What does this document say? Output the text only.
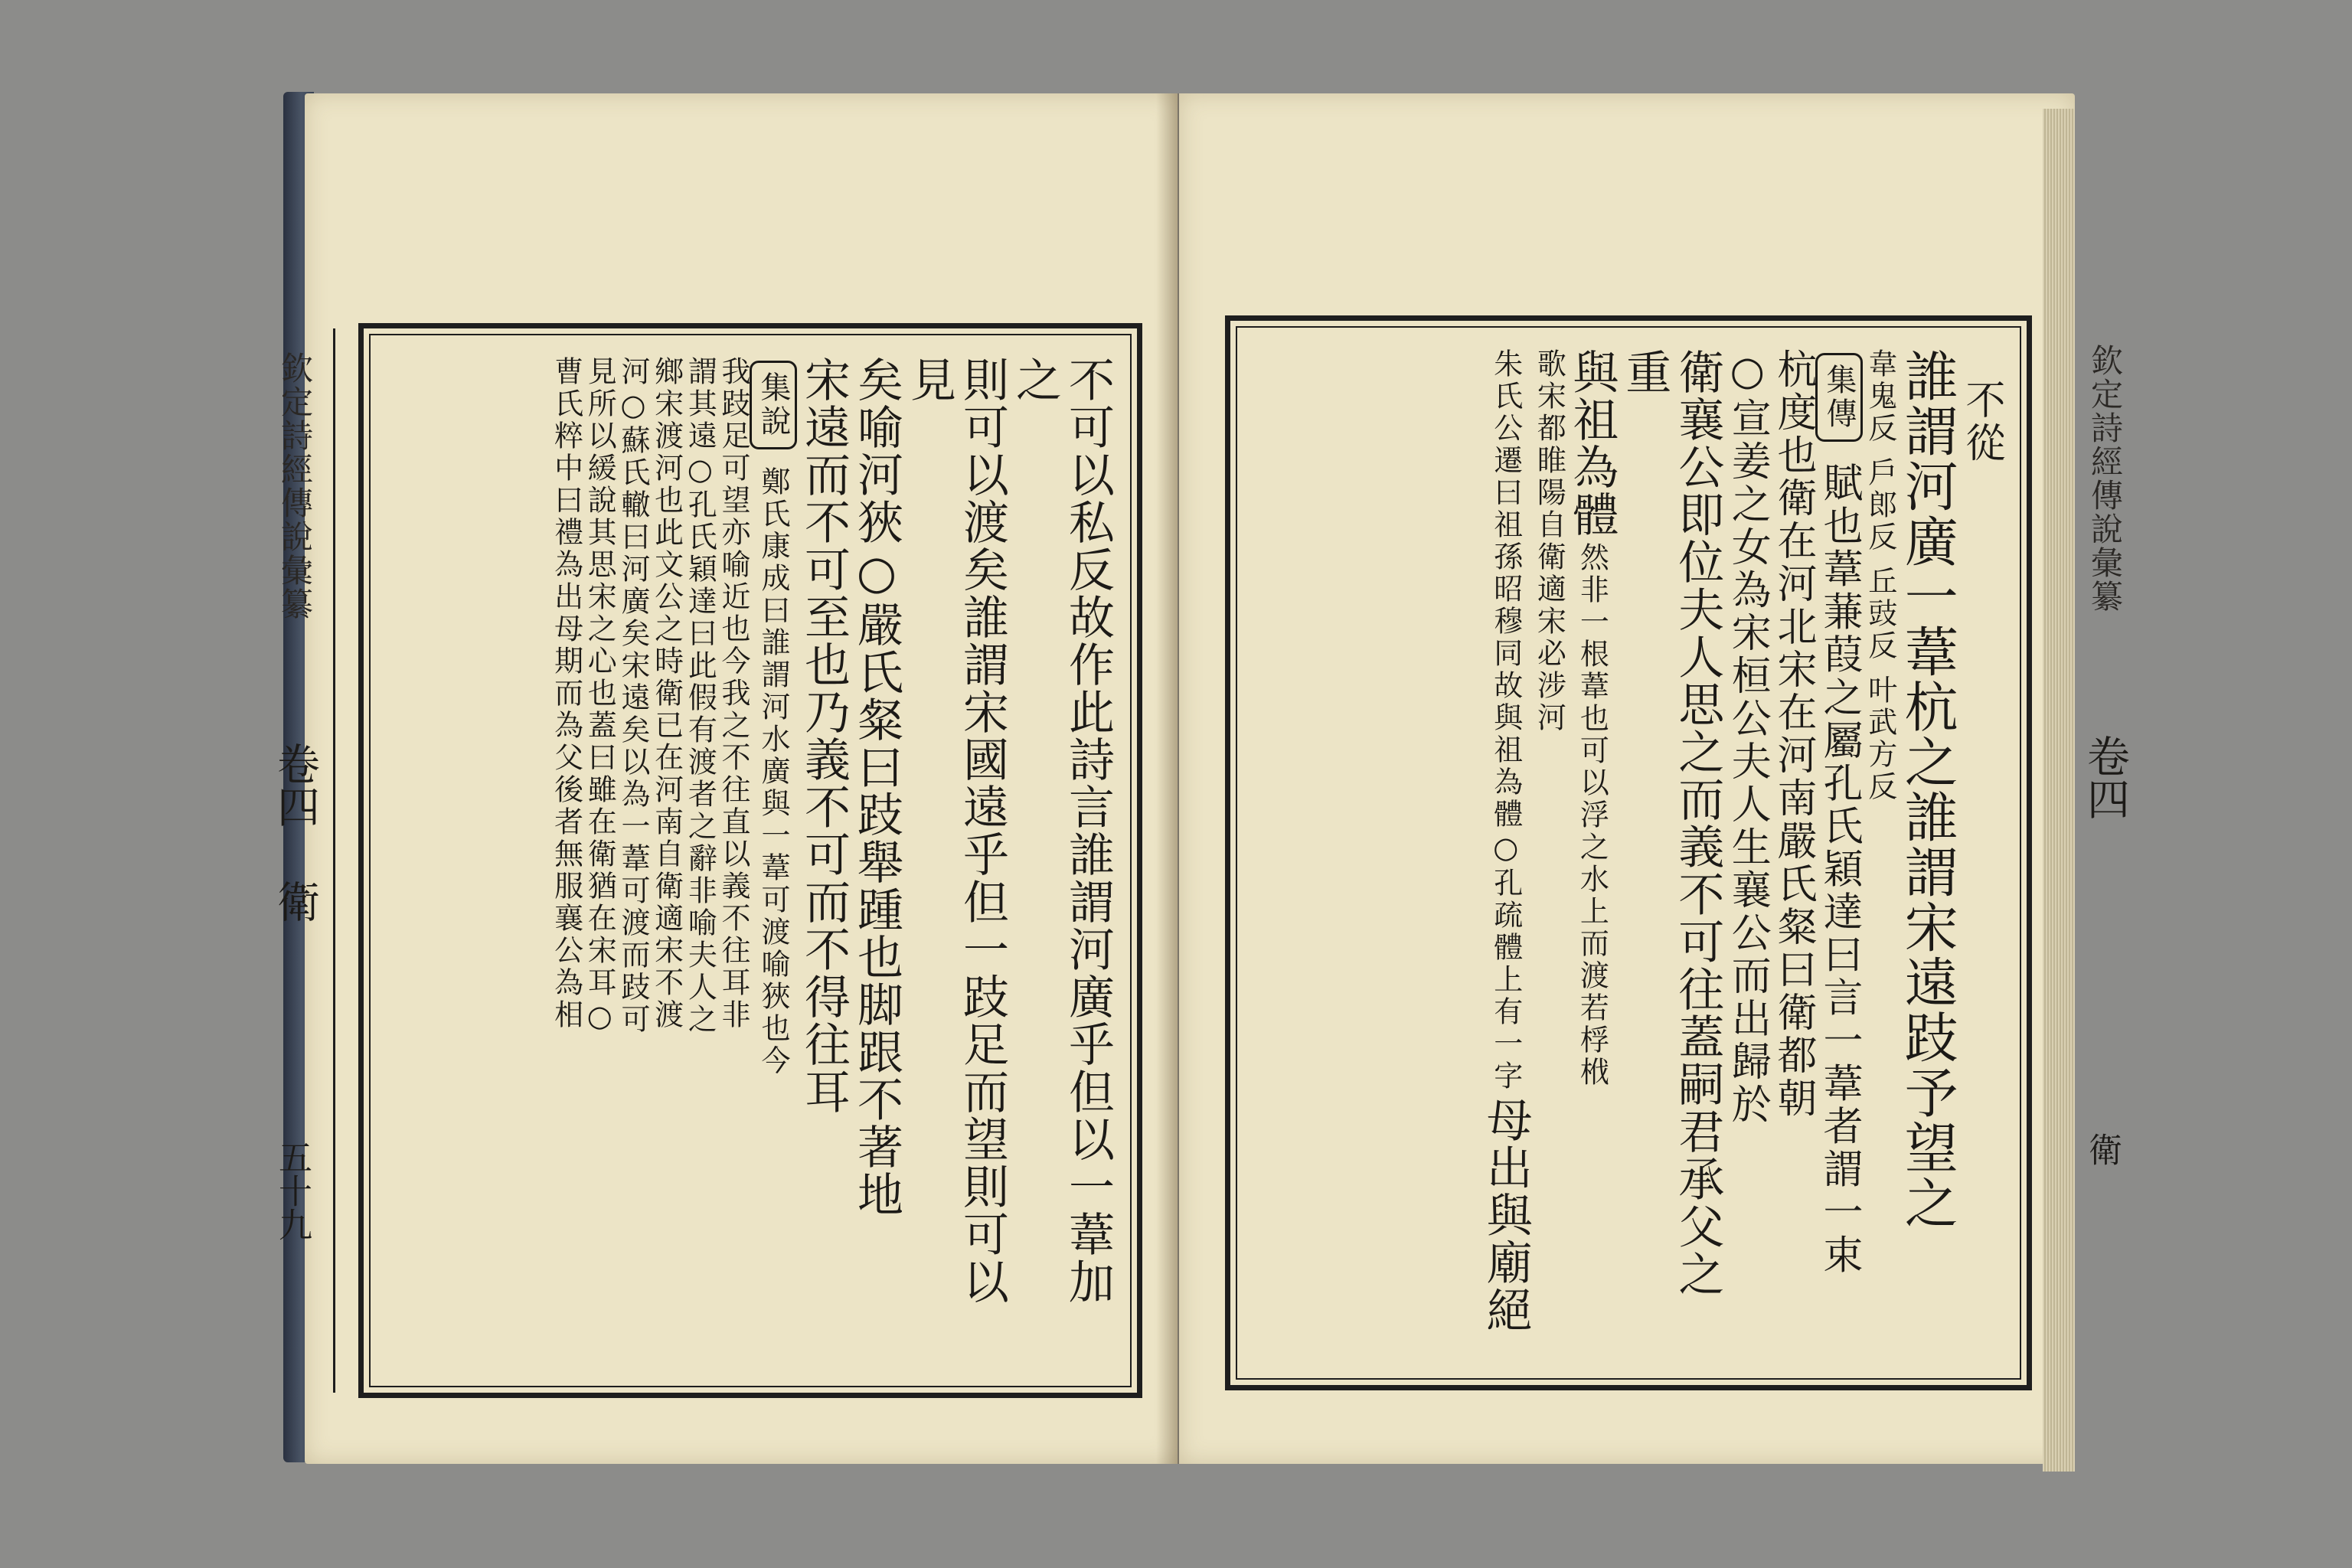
欽定詩經傳說彙纂
卷四
衛
五十九	不可以私反故作此詩言誰謂河廣乎但以一葦加之 則可以渡矣誰謂宋國遠乎但一跂足而望則可以見 矣喻河狹○嚴氏粲曰跂舉踵也脚跟不著地 宋遠而不可至也乃義不可而不得往耳 集說 鄭氏康成曰誰謂河水廣與一葦可渡喻狹也今 我跂足可望亦喻近也今我之不往直以義不往耳非 謂其遠○孔氏穎達曰此假有渡者之辭非喻夫人之 鄉宋渡河也此文公之時衛已在河南自衛適宋不渡 河○蘇氏轍曰河廣矣宋遠矣以為一葦可渡而跂可 見所以緩說其思宋之心也蓋曰雖在衛猶在宋耳○ 曹氏粹中曰禮為出母期而為父後者無服襄公為相	欽定詩經傳說彙纂
卷四
衛
不從 誰謂河廣一葦杭之誰謂宋遠跂予望之 韋鬼反 戶郎反 丘豉反 叶武方反 集傳 賦也葦蒹葭之屬孔氏穎達曰言一葦者謂一束 杭度也衛在河北宋在河南嚴氏粲曰衛都朝 ○宣姜之女為宋桓公夫人生襄公而出歸於 衛襄公即位夫人思之而義不可往蓋嗣君承父之重 與祖為體 然非一根葦也可以浮之水上而渡若桴栰 歌宋都睢陽自衛適宋必涉河 朱氏公遷曰祖孫昭穆同故與祖為體○孔疏體上有一字 母出與廟絕
